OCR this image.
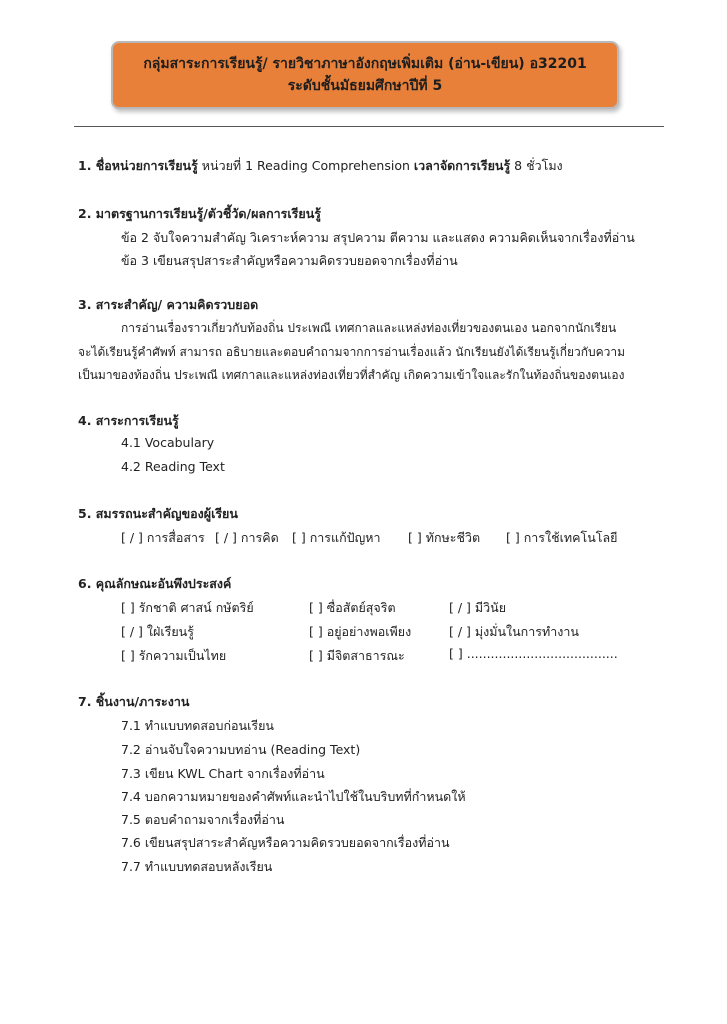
กลุ่มสาระการเรียนรู้/ รายวิชาภาษาอังกฤษเพิ่มเติม (อ่าน-เขียน) อ32201
ระดับชั้นมัธยมศึกษาปีที่ 5
1. ชื่อหน่วยการเรียนรู้ หน่วยที่ 1 Reading Comprehension เวลาจัดการเรียนรู้ 8 ชั่วโมง
2. มาตรฐานการเรียนรู้/ตัวชี้วัด/ผลการเรียนรู้
ข้อ 2 จับใจความสำคัญ วิเคราะห์ความ สรุปความ ตีความ และแสดง ความคิดเห็นจากเรื่องที่อ่าน
ข้อ 3 เขียนสรุปสาระสำคัญหรือความคิดรวบยอดจากเรื่องที่อ่าน
3. สาระสำคัญ/ ความคิดรวบยอด
การอ่านเรื่องราวเกี่ยวกับท้องถิ่น ประเพณี เทศกาลและแหล่งท่องเที่ยวของตนเอง นอกจากนักเรียน
จะได้เรียนรู้คำศัพท์ สามารถ อธิบายและตอบคำถามจากการอ่านเรื่องแล้ว นักเรียนยังได้เรียนรู้เกี่ยวกับความ
เป็นมาของท้องถิ่น ประเพณี เทศกาลและแหล่งท่องเที่ยวที่สำคัญ เกิดความเข้าใจและรักในท้องถิ่นของตนเอง
4. สาระการเรียนรู้
4.1 Vocabulary
4.2 Reading Text
5. สมรรถนะสำคัญของผู้เรียน
[ / ] การสื่อสาร [ / ] การคิด [ ] การแก้ปัญหา [ ] ทักษะชีวิต [ ] การใช้เทคโนโลยี
6. คุณลักษณะอันพึงประสงค์
[ ] รักชาติ ศาสน์ กษัตริย์	[ ] ซื่อสัตย์สุจริต	[ / ] มีวินัย
[ / ] ใฝ่เรียนรู้	[ ] อยู่อย่างพอเพียง	[ / ] มุ่งมั่นในการทำงาน
[ ] รักความเป็นไทย	[ ] มีจิตสาธารณะ	[ ] ......................................
7. ชิ้นงาน/ภาระงาน
7.1 ทำแบบทดสอบก่อนเรียน
7.2 อ่านจับใจความบทอ่าน (Reading Text)
7.3 เขียน KWL Chart จากเรื่องที่อ่าน
7.4 บอกความหมายของคำศัพท์และนำไปใช้ในบริบทที่กำหนดให้
7.5 ตอบคำถามจากเรื่องที่อ่าน
7.6 เขียนสรุปสาระสำคัญหรือความคิดรวบยอดจากเรื่องที่อ่าน
7.7 ทำแบบทดสอบหลังเรียน
